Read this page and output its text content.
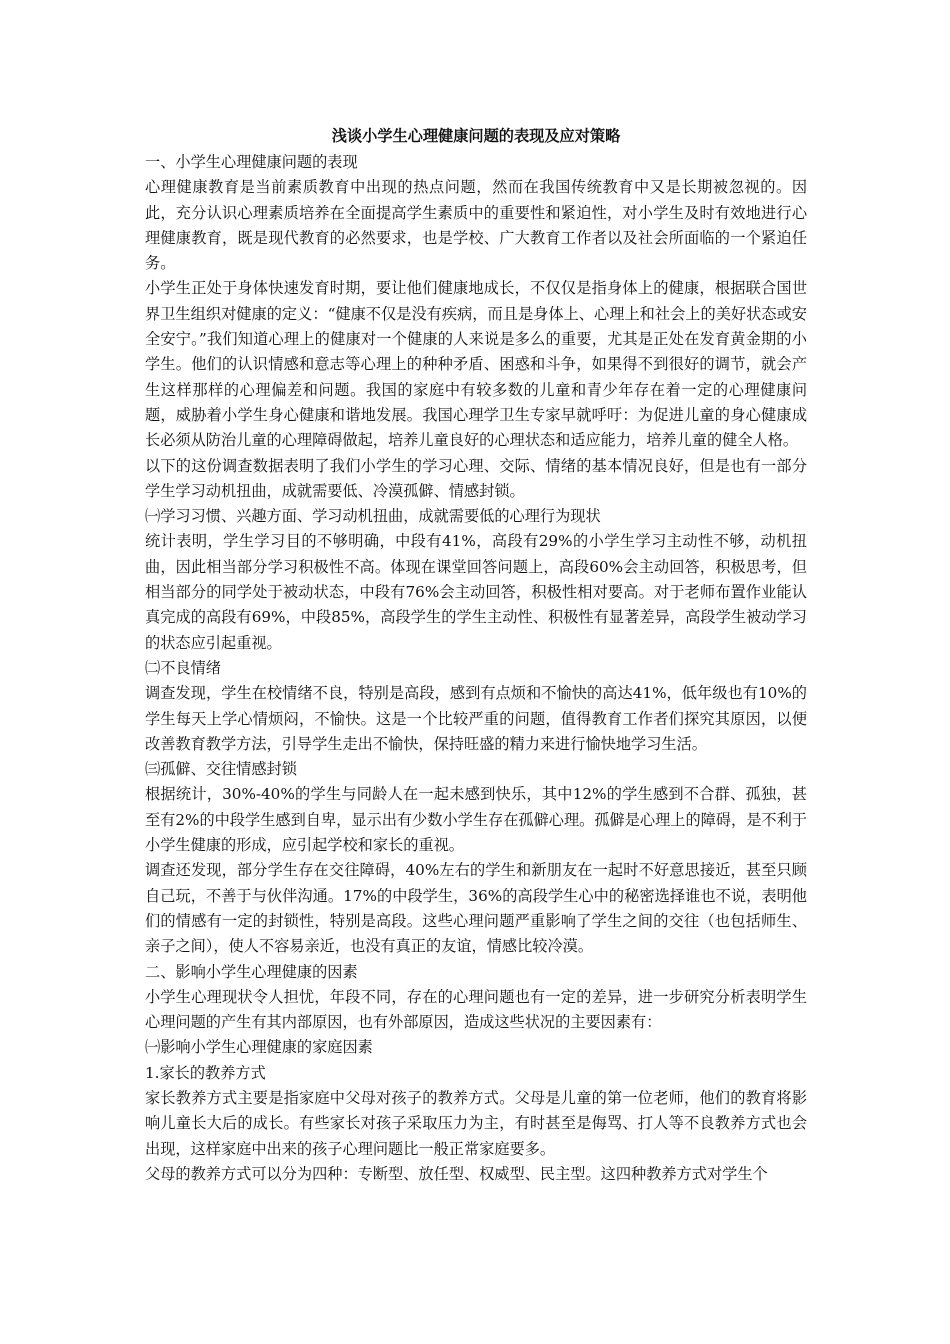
浅谈小学生心理健康问题的表现及应对策略

一、小学生心理健康问题的表现

心理健康教育是当前素质教育中出现的热点问题，然而在我国传统教育中又是长期被忽视的。因此，充分认识心理素质培养在全面提高学生素质中的重要性和紧迫性，对小学生及时有效地进行心理健康教育，既是现代教育的必然要求，也是学校、广大教育工作者以及社会所面临的一个紧迫任务。

小学生正处于身体快速发育时期，要让他们健康地成长，不仅仅是指身体上的健康，根据联合国世界卫生组织对健康的定义：“健康不仅是没有疾病，而且是身体上、心理上和社会上的美好状态或安全安宁。”我们知道心理上的健康对一个健康的人来说是多么的重要，尤其是正处在发育黄金期的小学生。他们的认识情感和意志等心理上的种种矛盾、困惑和斗争，如果得不到很好的调节，就会产生这样那样的心理偏差和问题。我国的家庭中有较多数的儿童和青少年存在着一定的心理健康问题，威胁着小学生身心健康和谐地发展。我国心理学卫生专家早就呼吁：为促进儿童的身心健康成长必须从防治儿童的心理障碍做起，培养儿童良好的心理状态和适应能力，培养儿童的健全人格。

以下的这份调查数据表明了我们小学生的学习心理、交际、情绪的基本情况良好，但是也有一部分学生学习动机扭曲，成就需要低、冷漠孤僻、情感封锁。

㈠学习习惯、兴趣方面、学习动机扭曲，成就需要低的心理行为现状

统计表明，学生学习目的不够明确，中段有41%，高段有29%的小学生学习主动性不够，动机扭曲，因此相当部分学习积极性不高。体现在课堂回答问题上，高段60%会主动回答，积极思考，但相当部分的同学处于被动状态，中段有76%会主动回答，积极性相对要高。对于老师布置作业能认真完成的高段有69%，中段85%，高段学生的学生主动性、积极性有显著差异，高段学生被动学习的状态应引起重视。

㈡不良情绪

调查发现，学生在校情绪不良，特别是高段，感到有点烦和不愉快的高达41%，低年级也有10%的学生每天上学心情烦闷，不愉快。这是一个比较严重的问题，值得教育工作者们探究其原因，以便改善教育教学方法，引导学生走出不愉快，保持旺盛的精力来进行愉快地学习生活。

㈢孤僻、交往情感封锁

根据统计，30%-40%的学生与同龄人在一起未感到快乐，其中12%的学生感到不合群、孤独，甚至有2%的中段学生感到自卑，显示出有少数小学生存在孤僻心理。孤僻是心理上的障碍，是不利于小学生健康的形成，应引起学校和家长的重视。

调查还发现，部分学生存在交往障碍，40%左右的学生和新朋友在一起时不好意思接近，甚至只顾自己玩，不善于与伙伴沟通。17%的中段学生，36%的高段学生心中的秘密选择谁也不说，表明他们的情感有一定的封锁性，特别是高段。这些心理问题严重影响了学生之间的交往（也包括师生、亲子之间），使人不容易亲近，也没有真正的友谊，情感比较冷漠。

二、影响小学生心理健康的因素

小学生心理现状令人担忧，年段不同，存在的心理问题也有一定的差异，进一步研究分析表明学生心理问题的产生有其内部原因，也有外部原因，造成这些状况的主要因素有：

㈠影响小学生心理健康的家庭因素

1.家长的教养方式

家长教养方式主要是指家庭中父母对孩子的教养方式。父母是儿童的第一位老师，他们的教育将影响儿童长大后的成长。有些家长对孩子采取压力为主，有时甚至是侮骂、打人等不良教养方式也会出现，这样家庭中出来的孩子心理问题比一般正常家庭要多。

父母的教养方式可以分为四种：专断型、放任型、权威型、民主型。这四种教养方式对学生个
